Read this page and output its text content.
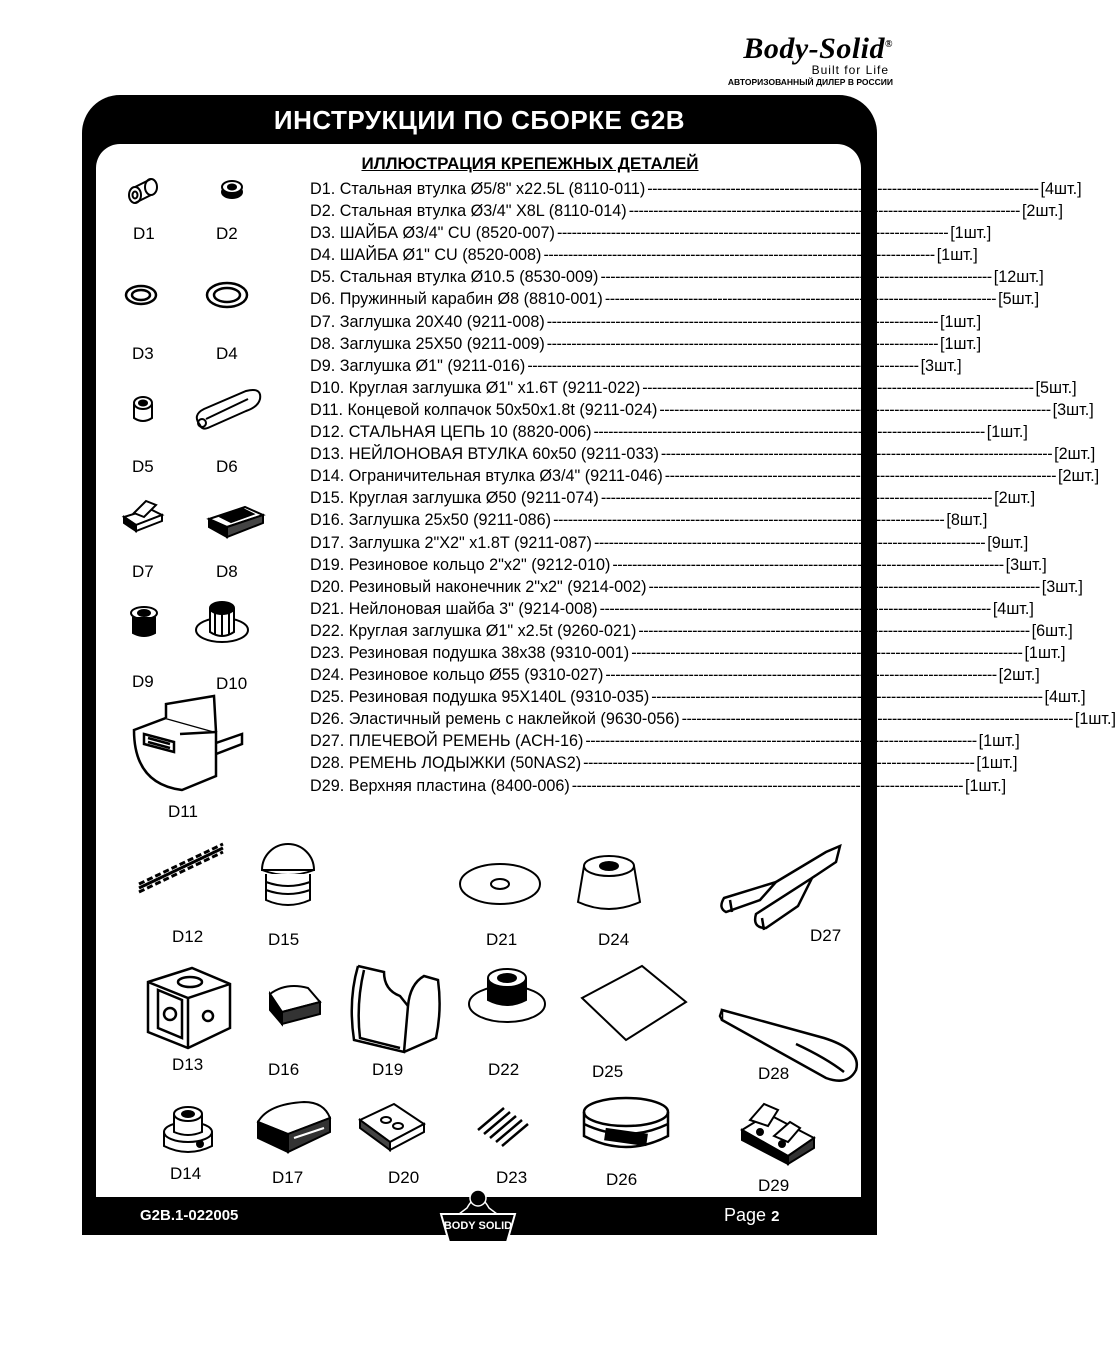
Body-Solid®
Built for Life
АВТОРИЗОВАННЫЙ ДИЛЕР В РОССИИ
ИНСТРУКЦИИ ПО СБОРКЕ G2B
ИЛЛЮСТРАЦИЯ КРЕПЕЖНЫХ ДЕТАЛЕЙ
D1. Стальная втулка Ø5/8" x22.5L (8110-011) -------------------------------------------------------------------------------- [4шт.]
D2. Стальная втулка Ø3/4" X8L (8110-014) -------------------------------------------------------------------------------- [2шт.]
D3. ШАЙБА Ø3/4" CU (8520-007) -------------------------------------------------------------------------------- [1шт.]
D4. ШАЙБА Ø1" CU (8520-008) -------------------------------------------------------------------------------- [1шт.]
D5. Стальная втулка Ø10.5 (8530-009) -------------------------------------------------------------------------------- [12шт.]
D6. Пружинный карабин Ø8 (8810-001) -------------------------------------------------------------------------------- [5шт.]
D7. Заглушка 20X40 (9211-008) -------------------------------------------------------------------------------- [1шт.]
D8. Заглушка 25X50 (9211-009) -------------------------------------------------------------------------------- [1шт.]
D9. Заглушка Ø1" (9211-016) -------------------------------------------------------------------------------- [3шт.]
D10. Круглая заглушка Ø1" x1.6T (9211-022) -------------------------------------------------------------------------------- [5шт.]
D11. Концевой колпачок 50x50x1.8t (9211-024) -------------------------------------------------------------------------------- [3шт.]
D12. СТАЛЬНАЯ ЦЕПЬ 10 (8820-006) -------------------------------------------------------------------------------- [1шт.]
D13. НЕЙЛОНОВАЯ ВТУЛКА 60x50 (9211-033) -------------------------------------------------------------------------------- [2шт.]
D14. Ограничительная втулка Ø3/4" (9211-046) -------------------------------------------------------------------------------- [2шт.]
D15. Круглая заглушка Ø50 (9211-074) -------------------------------------------------------------------------------- [2шт.]
D16. Заглушка 25x50 (9211-086) -------------------------------------------------------------------------------- [8шт.]
D17. Заглушка 2"X2" x1.8T (9211-087) -------------------------------------------------------------------------------- [9шт.]
D19. Резиновое кольцо 2"x2" (9212-010) -------------------------------------------------------------------------------- [3шт.]
D20. Резиновый наконечник 2"x2" (9214-002) -------------------------------------------------------------------------------- [3шт.]
D21. Нейлоновая шайба 3" (9214-008) -------------------------------------------------------------------------------- [4шт.]
D22. Круглая заглушка Ø1" x2.5t (9260-021) -------------------------------------------------------------------------------- [6шт.]
D23. Резиновая подушка 38x38 (9310-001) -------------------------------------------------------------------------------- [1шт.]
D24. Резиновое кольцо Ø55 (9310-027) -------------------------------------------------------------------------------- [2шт.]
D25. Резиновая подушка 95X140L (9310-035) -------------------------------------------------------------------------------- [4шт.]
D26. Эластичный ремень с наклейкой (9630-056) -------------------------------------------------------------------------------- [1шт.]
D27. ПЛЕЧЕВОЙ РЕМЕНЬ (ACH-16) -------------------------------------------------------------------------------- [1шт.]
D28. РЕМЕНЬ ЛОДЫЖКИ (50NAS2) -------------------------------------------------------------------------------- [1шт.]
D29. Верхняя пластина (8400-006) -------------------------------------------------------------------------------- [1шт.]
D1	D2
D3	D4
D5	D6
D7	D8
D9	D10
D11
D12	D15	D21	D24	D27
D13	D16	D19	D22	D25	D28
D14	D17	D20	D23	D26	D29
G2B.1-022005
BODY SOLID
Page 2
